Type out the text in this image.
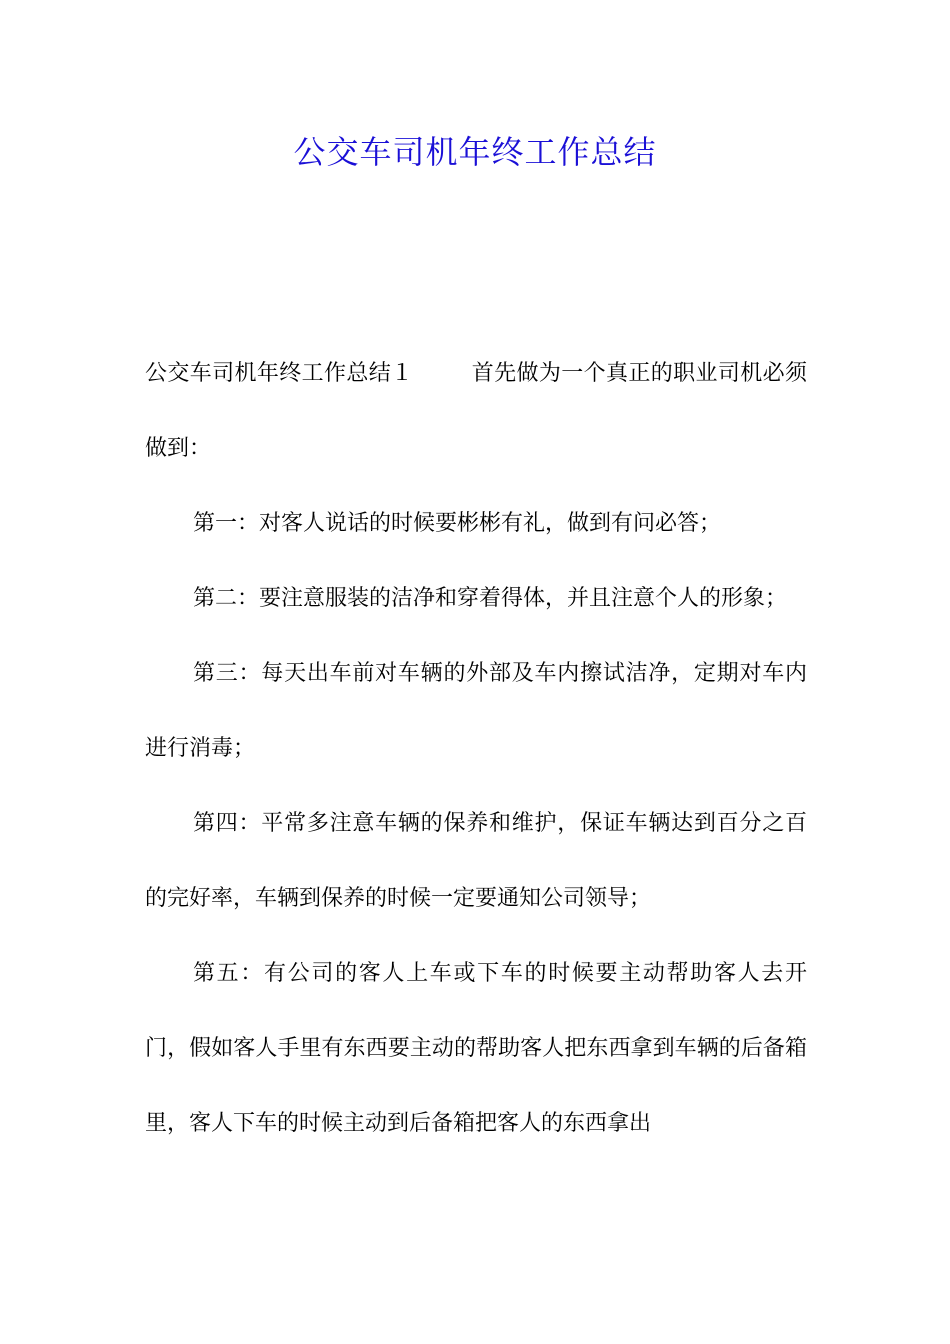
公交车司机年终工作总结

公交车司机年终工作总结１	首先做为一个真正的职业司机必须做到：

第一：对客人说话的时候要彬彬有礼，做到有问必答；

第二：要注意服装的洁净和穿着得体，并且注意个人的形象；

第三：每天出车前对车辆的外部及车内擦试洁净，定期对车内进行消毒；

第四：平常多注意车辆的保养和维护，保证车辆达到百分之百的完好率，车辆到保养的时候一定要通知公司领导；

第五：有公司的客人上车或下车的时候要主动帮助客人去开门，假如客人手里有东西要主动的帮助客人把东西拿到车辆的后备箱里，客人下车的时候主动到后备箱把客人的东西拿出
